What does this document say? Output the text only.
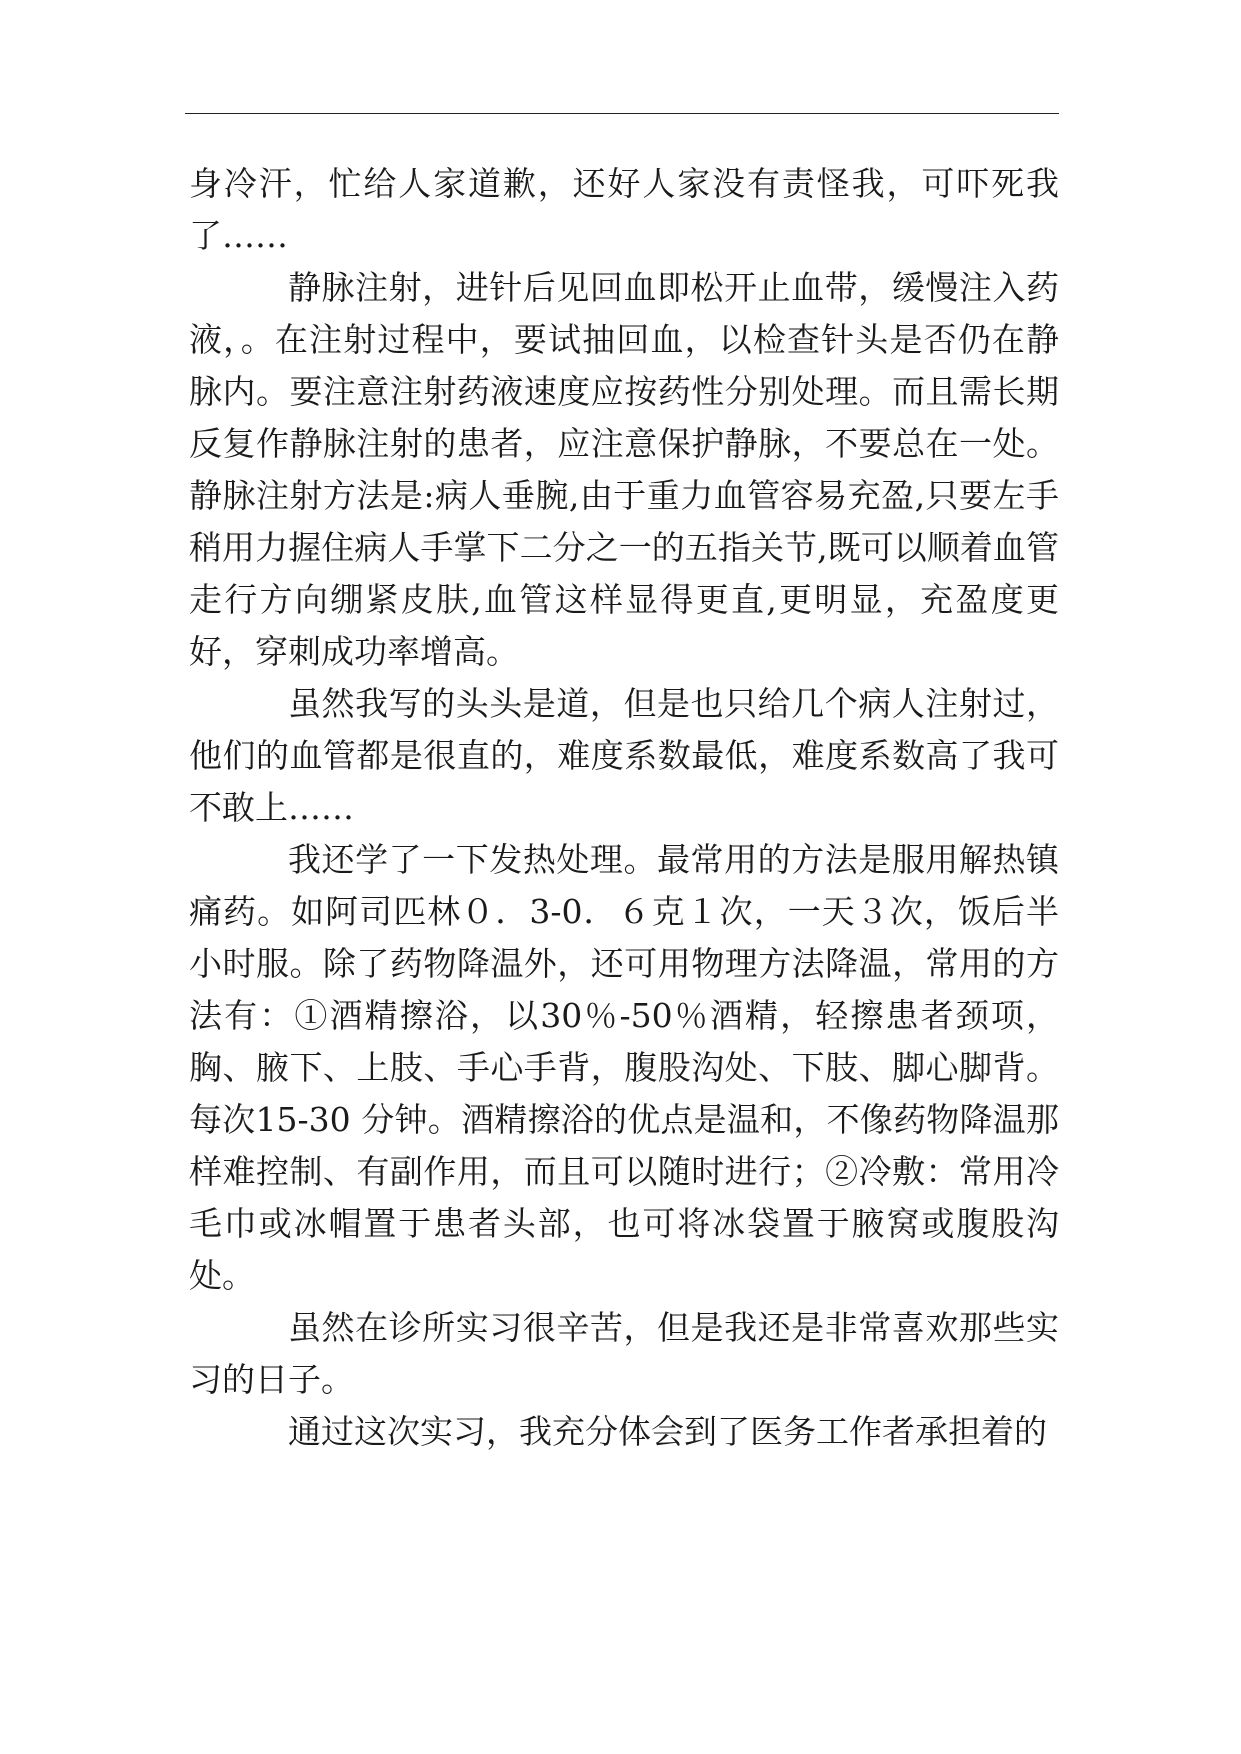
身冷汗，忙给人家道歉，还好人家没有责怪我，可吓死我了……

静脉注射，进针后见回血即松开止血带，缓慢注入药液，。在注射过程中，要试抽回血，以检查针头是否仍在静脉内。要注意注射药液速度应按药性分别处理。而且需长期反复作静脉注射的患者，应注意保护静脉，不要总在一处。静脉注射方法是:病人垂腕,由于重力血管容易充盈,只要左手稍用力握住病人手掌下二分之一的五指关节,既可以顺着血管走行方向绷紧皮肤,血管这样显得更直,更明显，充盈度更好，穿刺成功率增高。

虽然我写的头头是道，但是也只给几个病人注射过，他们的血管都是很直的，难度系数最低，难度系数高了我可不敢上……

我还学了一下发热处理。最常用的方法是服用解热镇痛药。如阿司匹林０．3-0．６克１次，一天３次，饭后半小时服。除了药物降温外，还可用物理方法降温，常用的方法有：①酒精擦浴，以30％-50％酒精，轻擦患者颈项，胸、腋下、上肢、手心手背，腹股沟处、下肢、脚心脚背。每次15-30 分钟。酒精擦浴的优点是温和，不像药物降温那样难控制、有副作用，而且可以随时进行；②冷敷：常用冷毛巾或冰帽置于患者头部，也可将冰袋置于腋窝或腹股沟处。

虽然在诊所实习很辛苦，但是我还是非常喜欢那些实习的日子。

通过这次实习，我充分体会到了医务工作者承担着的
